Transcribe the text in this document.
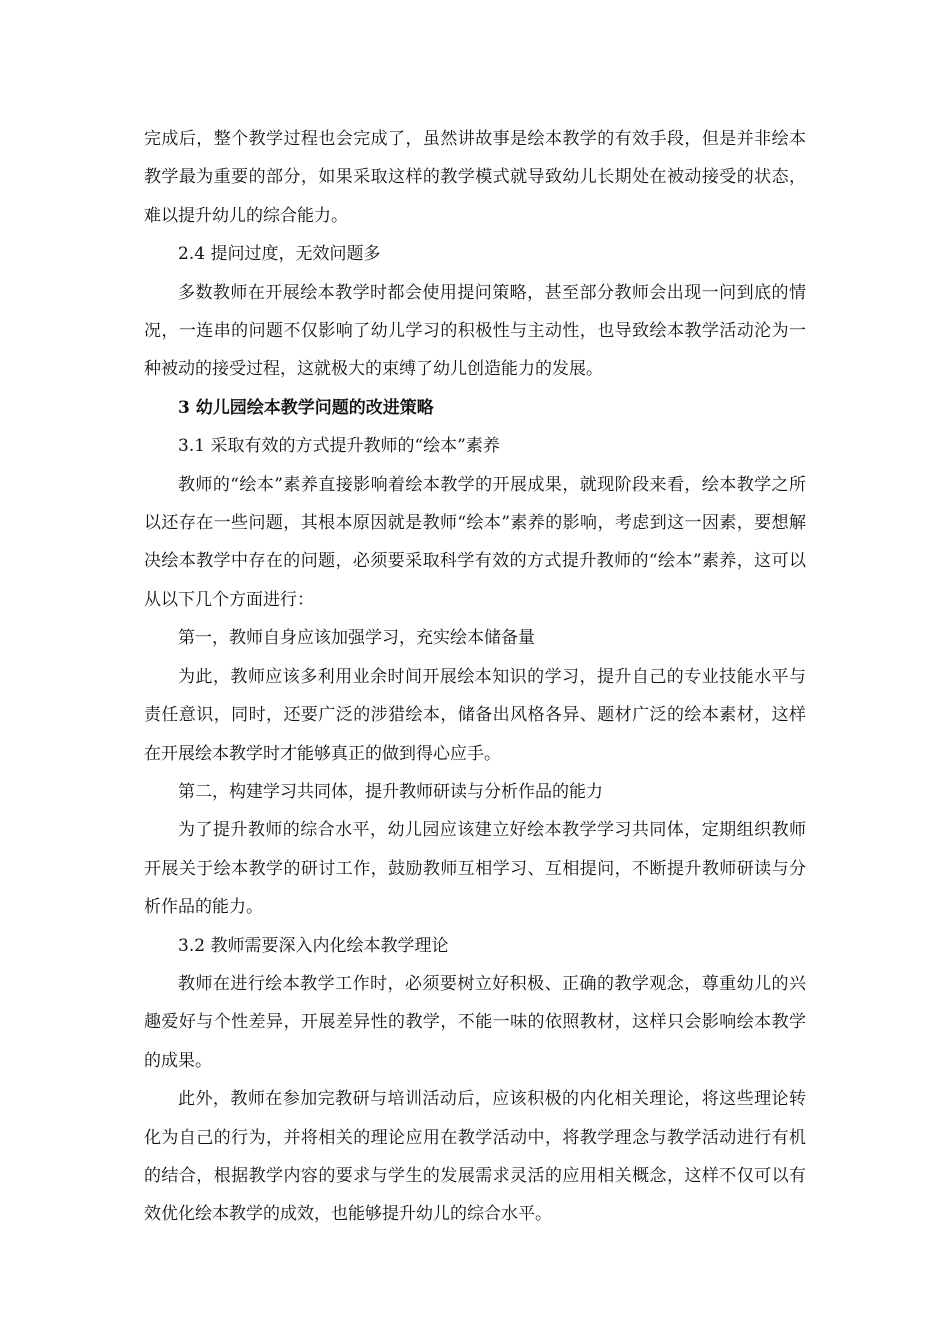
完成后，整个教学过程也会完成了，虽然讲故事是绘本教学的有效手段，但是并非绘本教学最为重要的部分，如果采取这样的教学模式就导致幼儿长期处在被动接受的状态，难以提升幼儿的综合能力。

2.4 提问过度，无效问题多

多数教师在开展绘本教学时都会使用提问策略，甚至部分教师会出现一问到底的情况，一连串的问题不仅影响了幼儿学习的积极性与主动性，也导致绘本教学活动沦为一种被动的接受过程，这就极大的束缚了幼儿创造能力的发展。

3 幼儿园绘本教学问题的改进策略

3.1 采取有效的方式提升教师的“绘本”素养

教师的“绘本”素养直接影响着绘本教学的开展成果，就现阶段来看，绘本教学之所以还存在一些问题，其根本原因就是教师“绘本”素养的影响，考虑到这一因素，要想解决绘本教学中存在的问题，必须要采取科学有效的方式提升教师的“绘本”素养，这可以从以下几个方面进行：

第一，教师自身应该加强学习，充实绘本储备量

为此，教师应该多利用业余时间开展绘本知识的学习，提升自己的专业技能水平与责任意识，同时，还要广泛的涉猎绘本，储备出风格各异、题材广泛的绘本素材，这样在开展绘本教学时才能够真正的做到得心应手。

第二，构建学习共同体，提升教师研读与分析作品的能力

为了提升教师的综合水平，幼儿园应该建立好绘本教学学习共同体，定期组织教师开展关于绘本教学的研讨工作，鼓励教师互相学习、互相提问，不断提升教师研读与分析作品的能力。

3.2 教师需要深入内化绘本教学理论

教师在进行绘本教学工作时，必须要树立好积极、正确的教学观念，尊重幼儿的兴趣爱好与个性差异，开展差异性的教学，不能一味的依照教材，这样只会影响绘本教学的成果。

此外，教师在参加完教研与培训活动后，应该积极的内化相关理论，将这些理论转化为自己的行为，并将相关的理论应用在教学活动中，将教学理念与教学活动进行有机的结合，根据教学内容的要求与学生的发展需求灵活的应用相关概念，这样不仅可以有效优化绘本教学的成效，也能够提升幼儿的综合水平。
